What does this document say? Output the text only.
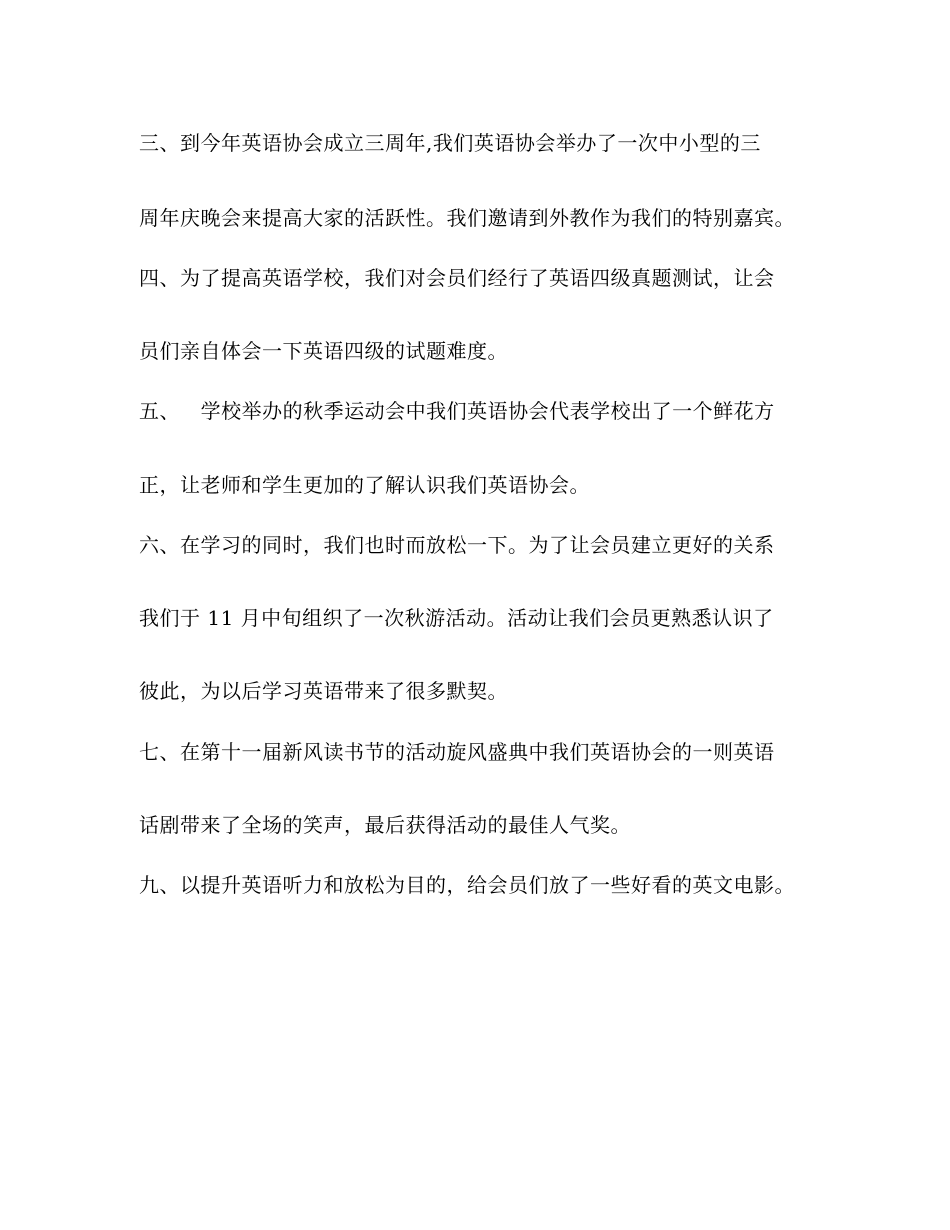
三、到今年英语协会成立三周年,我们英语协会举办了一次中小型的三
周年庆晚会来提高大家的活跃性。我们邀请到外教作为我们的特别嘉宾。
四、为了提高英语学校，我们对会员们经行了英语四级真题测试，让会
员们亲自体会一下英语四级的试题难度。
五、   学校举办的秋季运动会中我们英语协会代表学校出了一个鲜花方
正，让老师和学生更加的了解认识我们英语协会。
六、在学习的同时，我们也时而放松一下。为了让会员建立更好的关系
我们于 11 月中旬组织了一次秋游活动。活动让我们会员更熟悉认识了
彼此，为以后学习英语带来了很多默契。
七、在第十一届新风读书节的活动旋风盛典中我们英语协会的一则英语
话剧带来了全场的笑声，最后获得活动的最佳人气奖。
九、以提升英语听力和放松为目的，给会员们放了一些好看的英文电影。
